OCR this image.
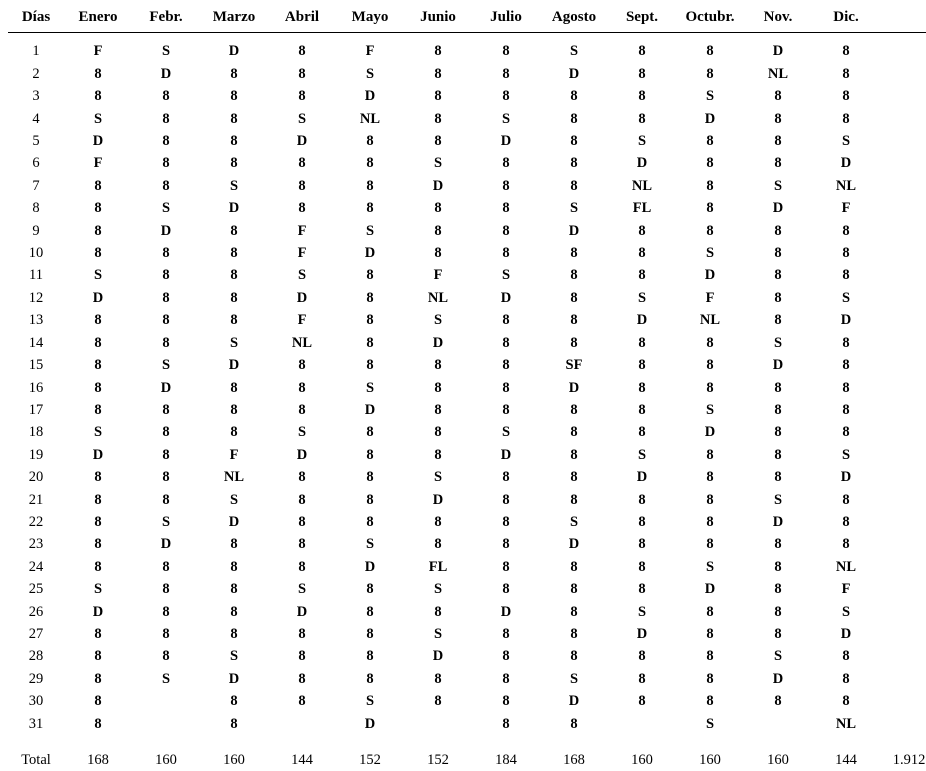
Días	Enero	Febr.	Marzo	Abril	Mayo	Junio	Julio	Agosto	Sept.	Octubr.	Nov.	Dic.		
1	F	S	D	8	F	8	8	S	8	8	D	8		
2	8	D	8	8	S	8	8	D	8	8	NL	8		
3	8	8	8	8	D	8	8	8	8	S	8	8		
4	S	8	8	S	NL	8	S	8	8	D	8	8		
5	D	8	8	D	8	8	D	8	S	8	8	S		
6	F	8	8	8	8	S	8	8	D	8	8	D		
7	8	8	S	8	8	D	8	8	NL	8	S	NL		
8	8	S	D	8	8	8	8	S	FL	8	D	F		
9	8	D	8	F	S	8	8	D	8	8	8	8		
10	8	8	8	F	D	8	8	8	8	S	8	8		
11	S	8	8	S	8	F	S	8	8	D	8	8		
12	D	8	8	D	8	NL	D	8	S	F	8	S		
13	8	8	8	F	8	S	8	8	D	NL	8	D		
14	8	8	S	NL	8	D	8	8	8	8	S	8		
15	8	S	D	8	8	8	8	SF	8	8	D	8		
16	8	D	8	8	S	8	8	D	8	8	8	8		
17	8	8	8	8	D	8	8	8	8	S	8	8		
18	S	8	8	S	8	8	S	8	8	D	8	8		
19	D	8	F	D	8	8	D	8	S	8	8	S		
20	8	8	NL	8	8	S	8	8	D	8	8	D		
21	8	8	S	8	8	D	8	8	8	8	S	8		
22	8	S	D	8	8	8	8	S	8	8	D	8		
23	8	D	8	8	S	8	8	D	8	8	8	8		
24	8	8	8	8	D	FL	8	8	8	S	8	NL		
25	S	8	8	S	8	S	8	8	8	D	8	F		
26	D	8	8	D	8	8	D	8	S	8	8	S		
27	8	8	8	8	8	S	8	8	D	8	8	D		
28	8	8	S	8	8	D	8	8	8	8	S	8		
29	8	S	D	8	8	8	8	S	8	8	D	8		
30	8		8	8	S	8	8	D	8	8	8	8		
31	8		8		D		8	8		S		NL		

Total	168	160	160	144	152	152	184	168	160	160	160	144	1.912	
